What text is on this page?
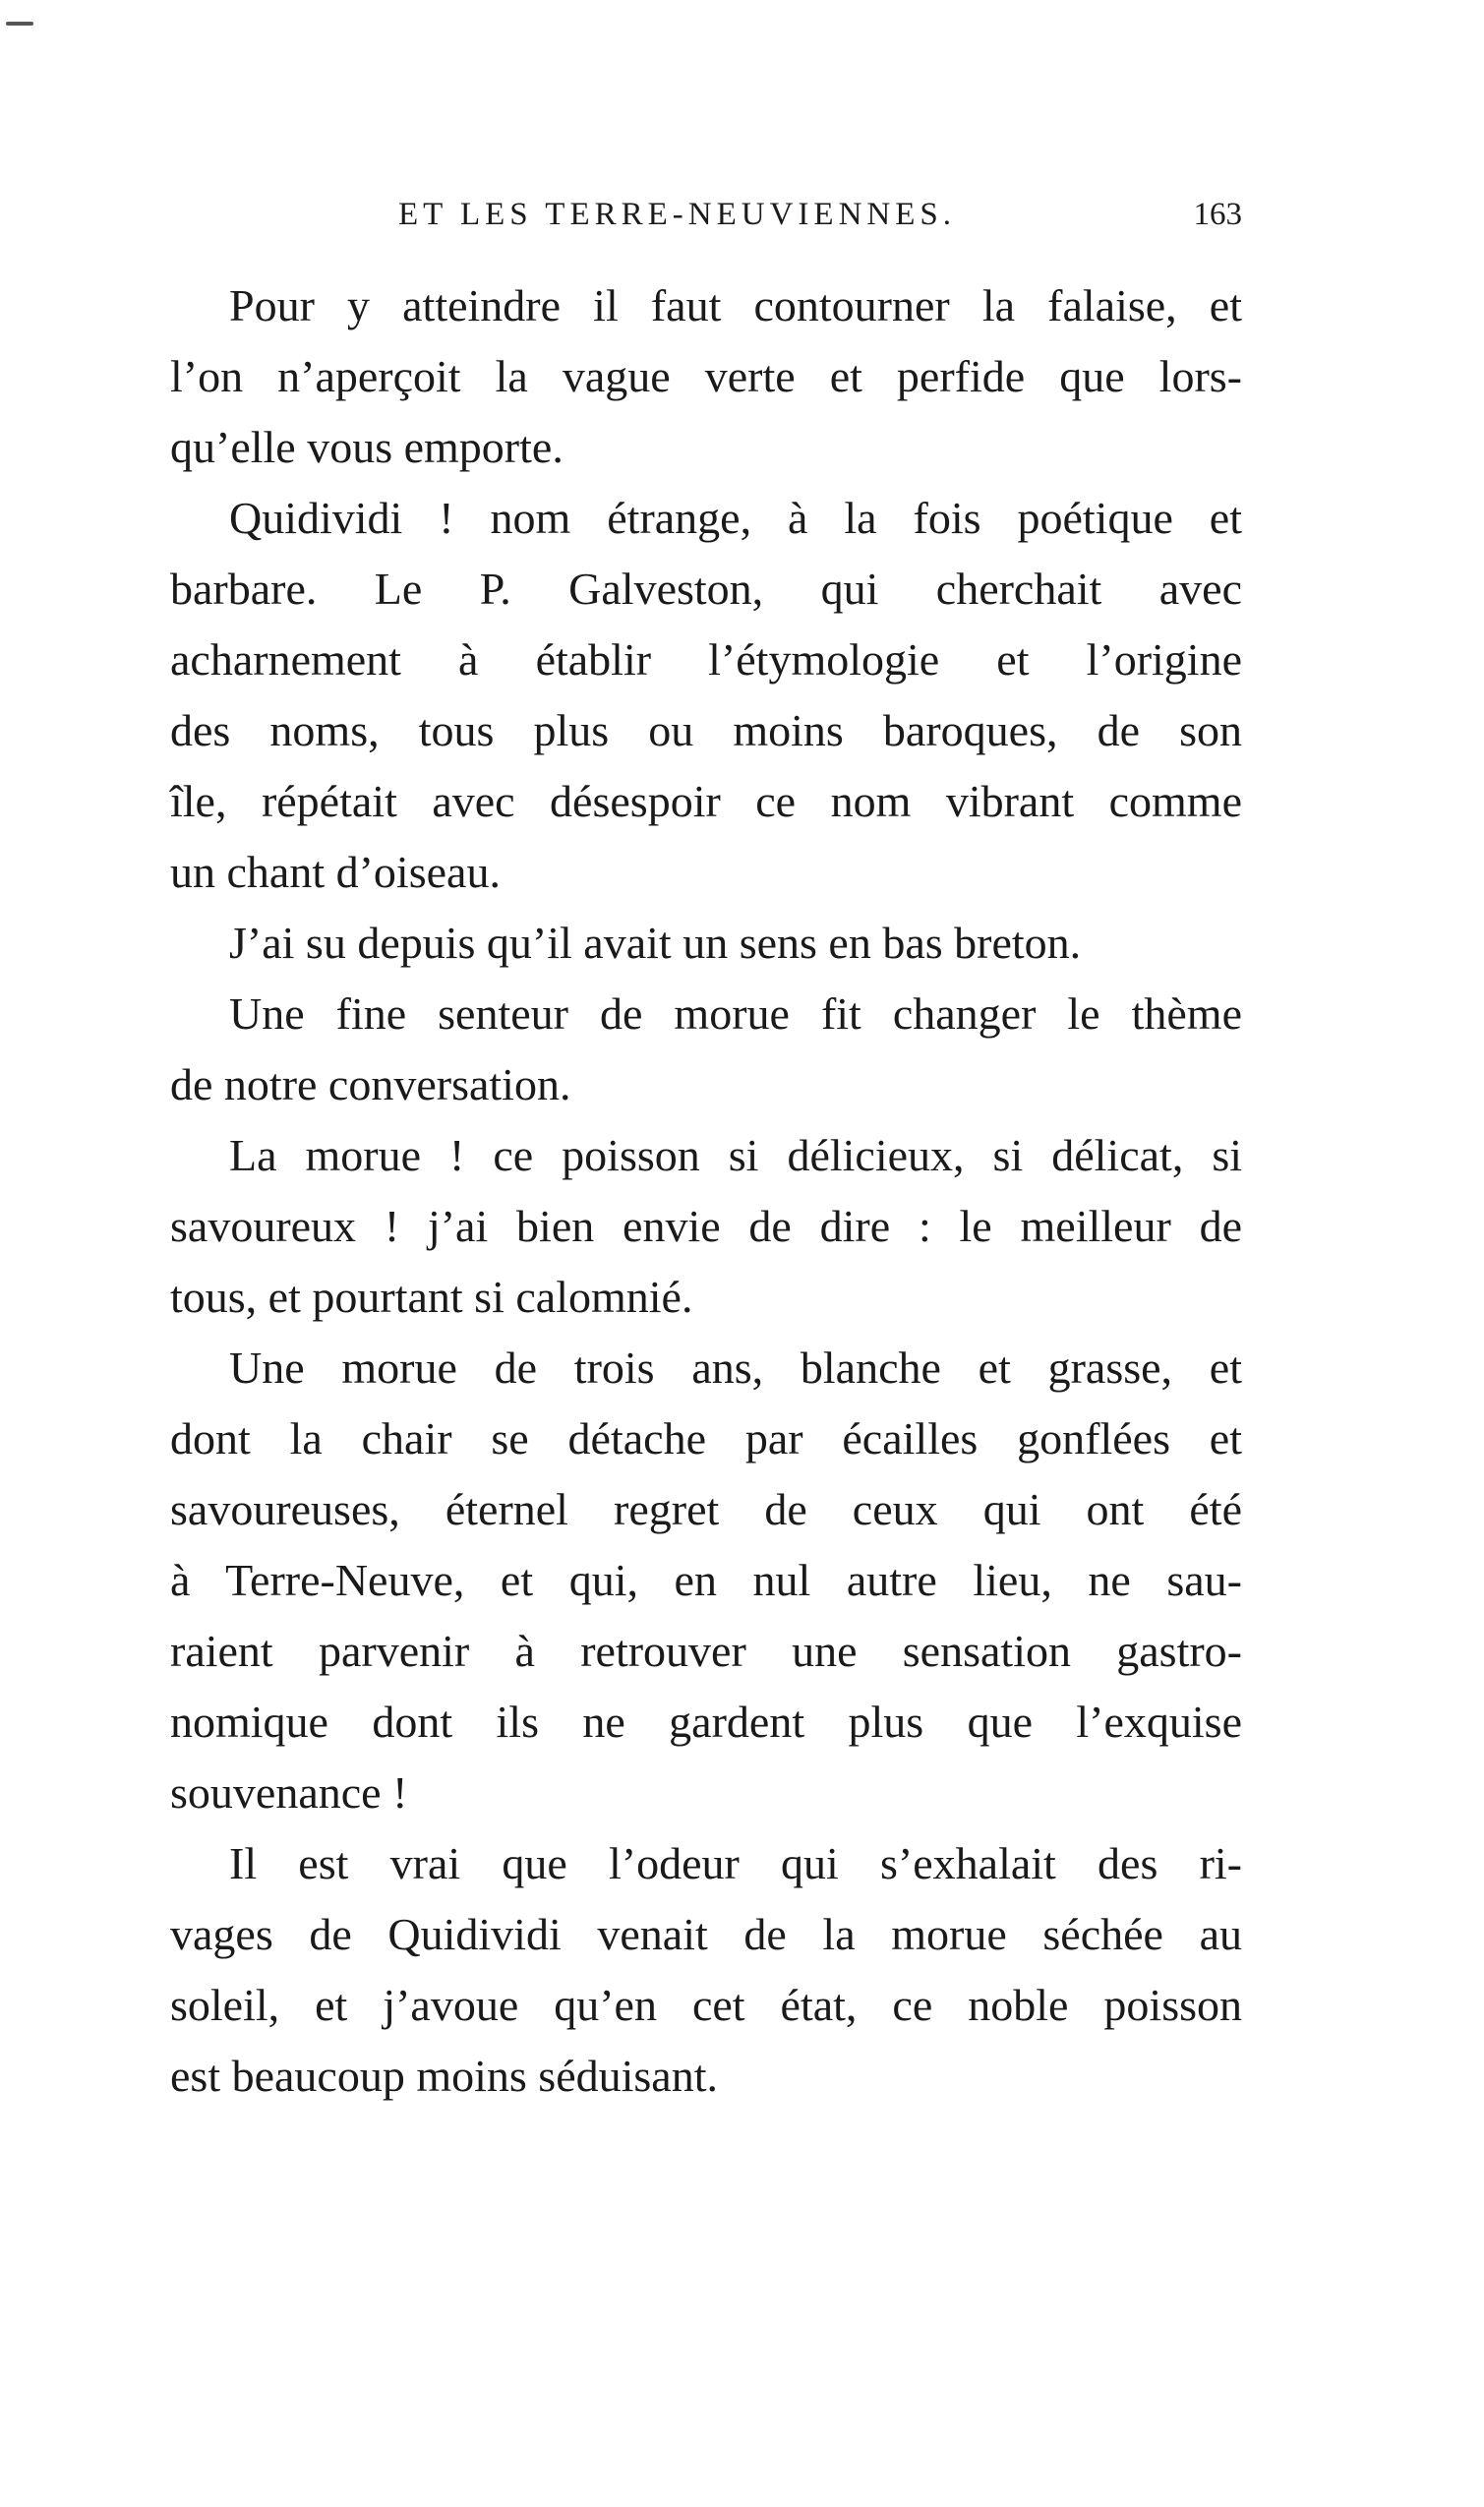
ET LES TERRE-NEUVIENNES.	163
Pour y atteindre il faut contourner la falaise, et
l’on n’aperçoit la vague verte et perfide que lors-
qu’elle vous emporte.
Quidividi ! nom étrange, à la fois poétique et
barbare. Le P. Galveston, qui cherchait avec
acharnement à établir l’étymologie et l’origine
des noms, tous plus ou moins baroques, de son
île, répétait avec désespoir ce nom vibrant comme
un chant d’oiseau.
J’ai su depuis qu’il avait un sens en bas breton.
Une fine senteur de morue fit changer le thème
de notre conversation.
La morue ! ce poisson si délicieux, si délicat, si
savoureux ! j’ai bien envie de dire : le meilleur de
tous, et pourtant si calomnié.
Une morue de trois ans, blanche et grasse, et
dont la chair se détache par écailles gonflées et
savoureuses, éternel regret de ceux qui ont été
à Terre-Neuve, et qui, en nul autre lieu, ne sau-
raient parvenir à retrouver une sensation gastro-
nomique dont ils ne gardent plus que l’exquise
souvenance !
Il est vrai que l’odeur qui s’exhalait des ri-
vages de Quidividi venait de la morue séchée au
soleil, et j’avoue qu’en cet état, ce noble poisson
est beaucoup moins séduisant.
